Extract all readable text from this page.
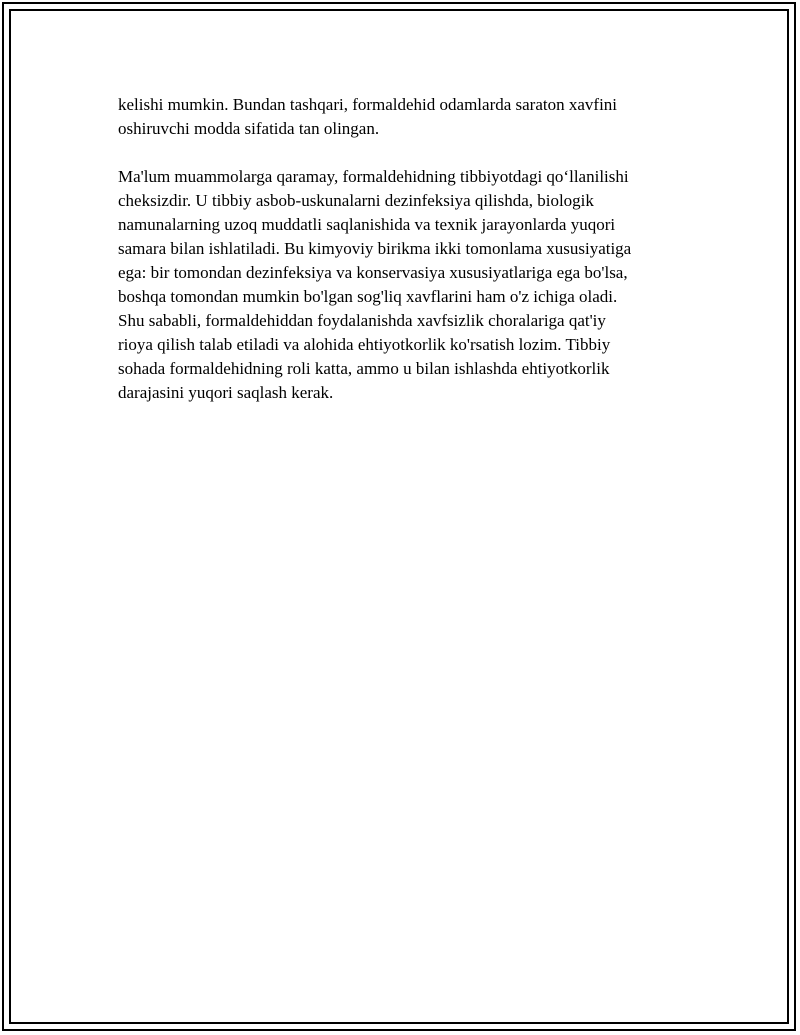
kelishi mumkin. Bundan tashqari, formaldehid odamlarda saraton xavfini
oshiruvchi modda sifatida tan olingan.

Ma'lum muammolarga qaramay, formaldehidning tibbiyotdagi qo‘llanilishi
cheksizdir. U tibbiy asbob-uskunalarni dezinfeksiya qilishda, biologik
namunalarning uzoq muddatli saqlanishida va texnik jarayonlarda yuqori
samara bilan ishlatiladi. Bu kimyoviy birikma ikki tomonlama xususiyatiga
ega: bir tomondan dezinfeksiya va konservasiya xususiyatlariga ega bo'lsa,
boshqa tomondan mumkin bo'lgan sog'liq xavflarini ham o'z ichiga oladi.
Shu sababli, formaldehiddan foydalanishda xavfsizlik choralariga qat'iy
rioya qilish talab etiladi va alohida ehtiyotkorlik ko'rsatish lozim. Tibbiy
sohada formaldehidning roli katta, ammo u bilan ishlashda ehtiyotkorlik
darajasini yuqori saqlash kerak.
